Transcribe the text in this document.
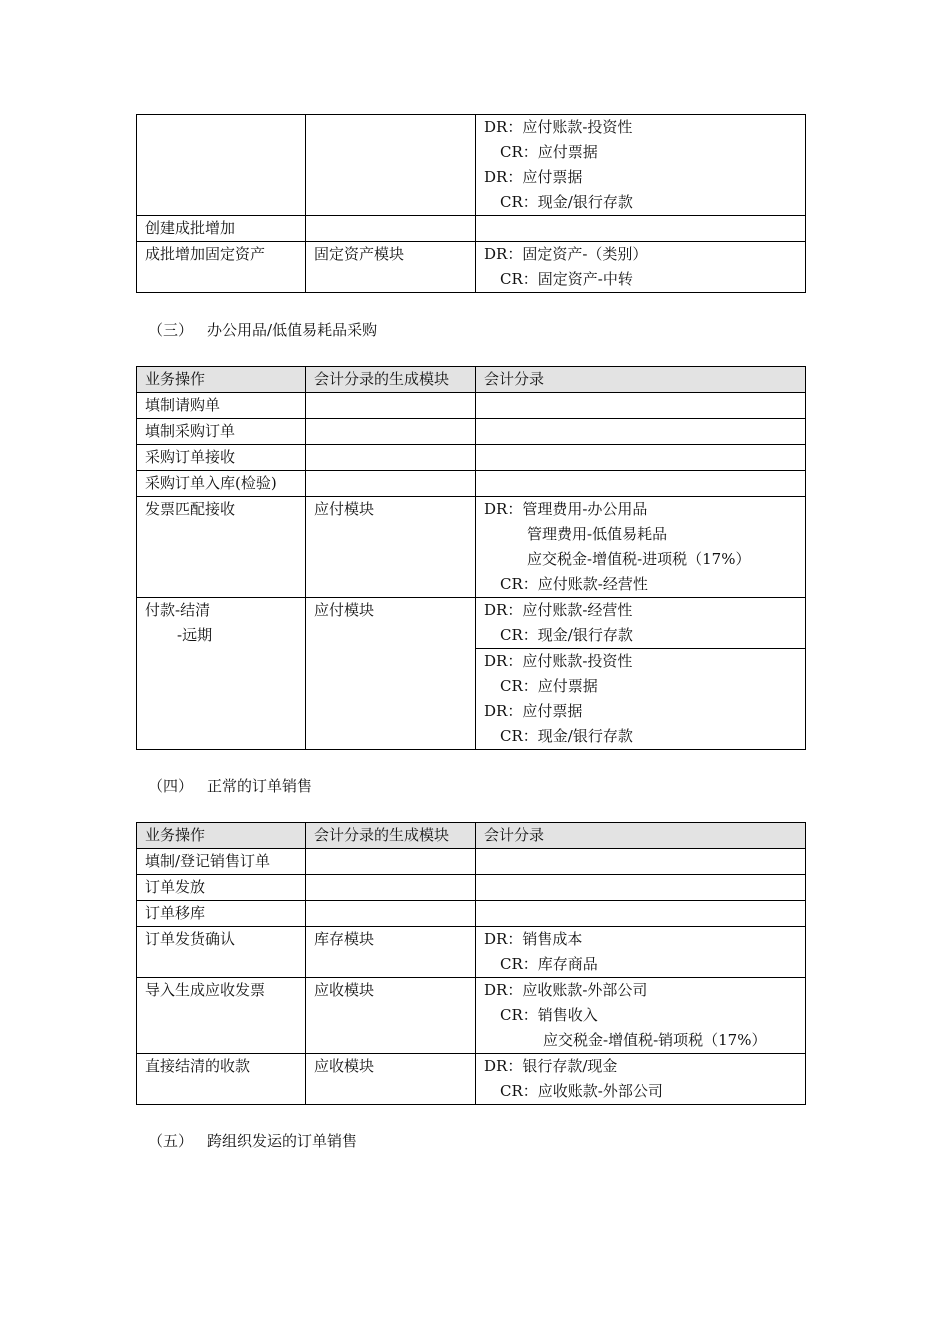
		DR：应付账款-投资性
CR：应付票据
DR：应付票据
CR：现金/银行存款

创建成批增加		
成批增加固定资产	固定资产模块	DR：固定资产-（类别）
CR：固定资产-中转
（三） 办公用品/低值易耗品采购
业务操作	会计分录的生成模块	会计分录
填制请购单		
填制采购订单		
采购订单接收		
采购订单入库(检验)		
发票匹配接收	应付模块	DR：管理费用-办公用品
管理费用-低值易耗品
应交税金-增值税-进项税（17%）
CR：应付账款-经营性

付款-结清
-远期	应付模块	DR：应付账款-经营性
CR：现金/银行存款

		DR：应付账款-投资性
CR：应付票据
DR：应付票据
CR：现金/银行存款
（四） 正常的订单销售
业务操作	会计分录的生成模块	会计分录
填制/登记销售订单		
订单发放		
订单移库		
订单发货确认	库存模块	DR：销售成本
CR：库存商品

导入生成应收发票	应收模块	DR：应收账款-外部公司
CR：销售收入
应交税金-增值税-销项税（17%）

直接结清的收款	应收模块	DR：银行存款/现金
CR：应收账款-外部公司
（五） 跨组织发运的订单销售
